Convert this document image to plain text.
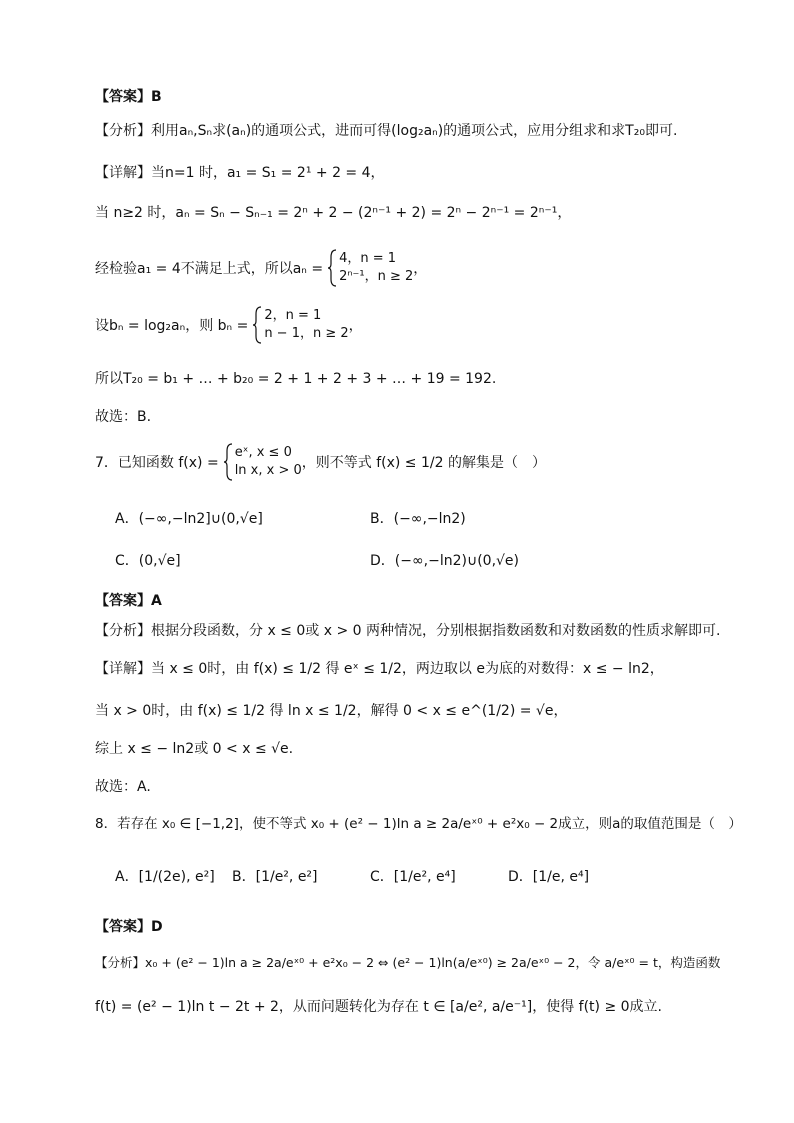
【答案】B
【分析】利用aₙ,Sₙ求(aₙ)的通项公式，进而可得(log₂aₙ)的通项公式，应用分组求和求T₂₀即可.
【详解】当n=1 时，a₁ = S₁ = 2¹ + 2 = 4，
当 n≥2 时，aₙ = Sₙ − Sₙ₋₁ = 2ⁿ + 2 − (2ⁿ⁻¹ + 2) = 2ⁿ − 2ⁿ⁻¹ = 2ⁿ⁻¹，
经检验a₁ = 4不满足上式，所以aₙ =
4，n = 1
2ⁿ⁻¹，n ≥ 2 ，
设bₙ = log₂aₙ，则 bₙ =
2，n = 1
n − 1，n ≥ 2 ，
所以T₂₀ = b₁ + … + b₂₀ = 2 + 1 + 2 + 3 + … + 19 = 192.
故选：B.
7．已知函数 f(x) =
eˣ, x ≤ 0
ln x, x > 0 ，则不等式 f(x) ≤ 1/2 的解集是（　）
A．(−∞,−ln2]∪(0,√e]	B．(−∞,−ln2)
C．(0,√e]	D．(−∞,−ln2)∪(0,√e)
【答案】A
【分析】根据分段函数，分 x ≤ 0或 x > 0 两种情况，分别根据指数函数和对数函数的性质求解即可.
【详解】当 x ≤ 0时，由 f(x) ≤ 1/2 得 eˣ ≤ 1/2，两边取以 e为底的对数得：x ≤ − ln2，
当 x > 0时，由 f(x) ≤ 1/2 得 ln x ≤ 1/2，解得 0 < x ≤ e^(1/2) = √e，
综上 x ≤ − ln2或 0 < x ≤ √e.
故选：A.
8．若存在 x₀ ∈ [−1,2]，使不等式 x₀ + (e² − 1)ln a ≥ 2a/eˣ⁰ + e²x₀ − 2成立，则a的取值范围是（　）
A．[1/(2e), e²] B．[1/e², e²]	C．[1/e², e⁴]	D．[1/e, e⁴]
【答案】D
【分析】x₀ + (e² − 1)ln a ≥ 2a/eˣ⁰ + e²x₀ − 2 ⇔ (e² − 1)ln(a/eˣ⁰) ≥ 2a/eˣ⁰ − 2，令 a/eˣ⁰ = t，构造函数
f(t) = (e² − 1)ln t − 2t + 2，从而问题转化为存在 t ∈ [a/e², a/e⁻¹]，使得 f(t) ≥ 0成立.
